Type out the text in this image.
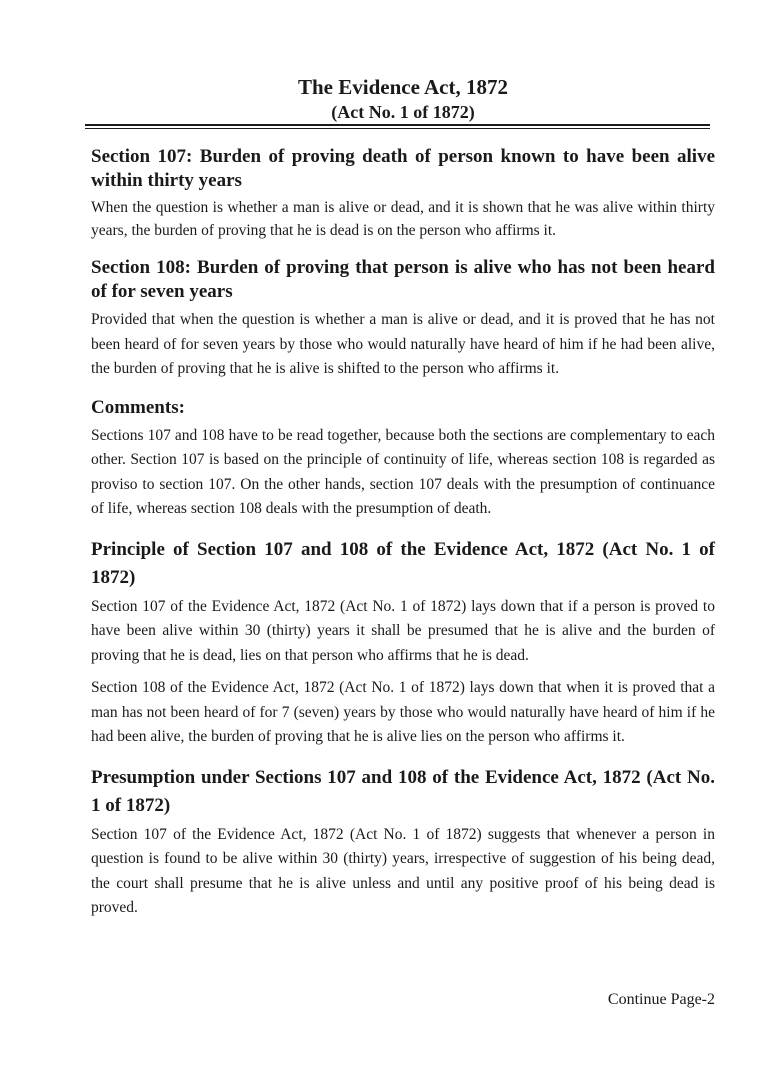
The Evidence Act, 1872
(Act No. 1 of 1872)
Section 107: Burden of proving death of person known to have been alive within thirty years

When the question is whether a man is alive or dead, and it is shown that he was alive within thirty years, the burden of proving that he is dead is on the person who affirms it.

Section 108: Burden of proving that person is alive who has not been heard of for seven years

Provided that when the question is whether a man is alive or dead, and it is proved that he has not been heard of for seven years by those who would naturally have heard of him if he had been alive, the burden of proving that he is alive is shifted to the person who affirms it.

Comments:

Sections 107 and 108 have to be read together, because both the sections are complementary to each other. Section 107 is based on the principle of continuity of life, whereas section 108 is regarded as proviso to section 107. On the other hands, section 107 deals with the presumption of continuance of life, whereas section 108 deals with the presumption of death.

Principle of Section 107 and 108 of the Evidence Act, 1872 (Act No. 1 of 1872)

Section 107 of the Evidence Act, 1872 (Act No. 1 of 1872) lays down that if a person is proved to have been alive within 30 (thirty) years it shall be presumed that he is alive and the burden of proving that he is dead, lies on that person who affirms that he is dead.

Section 108 of the Evidence Act, 1872 (Act No. 1 of 1872) lays down that when it is proved that a man has not been heard of for 7 (seven) years by those who would naturally have heard of him if he had been alive, the burden of proving that he is alive lies on the person who affirms it.

Presumption under Sections 107 and 108 of the Evidence Act, 1872 (Act No. 1 of 1872)

Section 107 of the Evidence Act, 1872 (Act No. 1 of 1872) suggests that whenever a person in question is found to be alive within 30 (thirty) years, irrespective of suggestion of his being dead, the court shall presume that he is alive unless and until any positive proof of his being dead is proved.

Continue Page-2
